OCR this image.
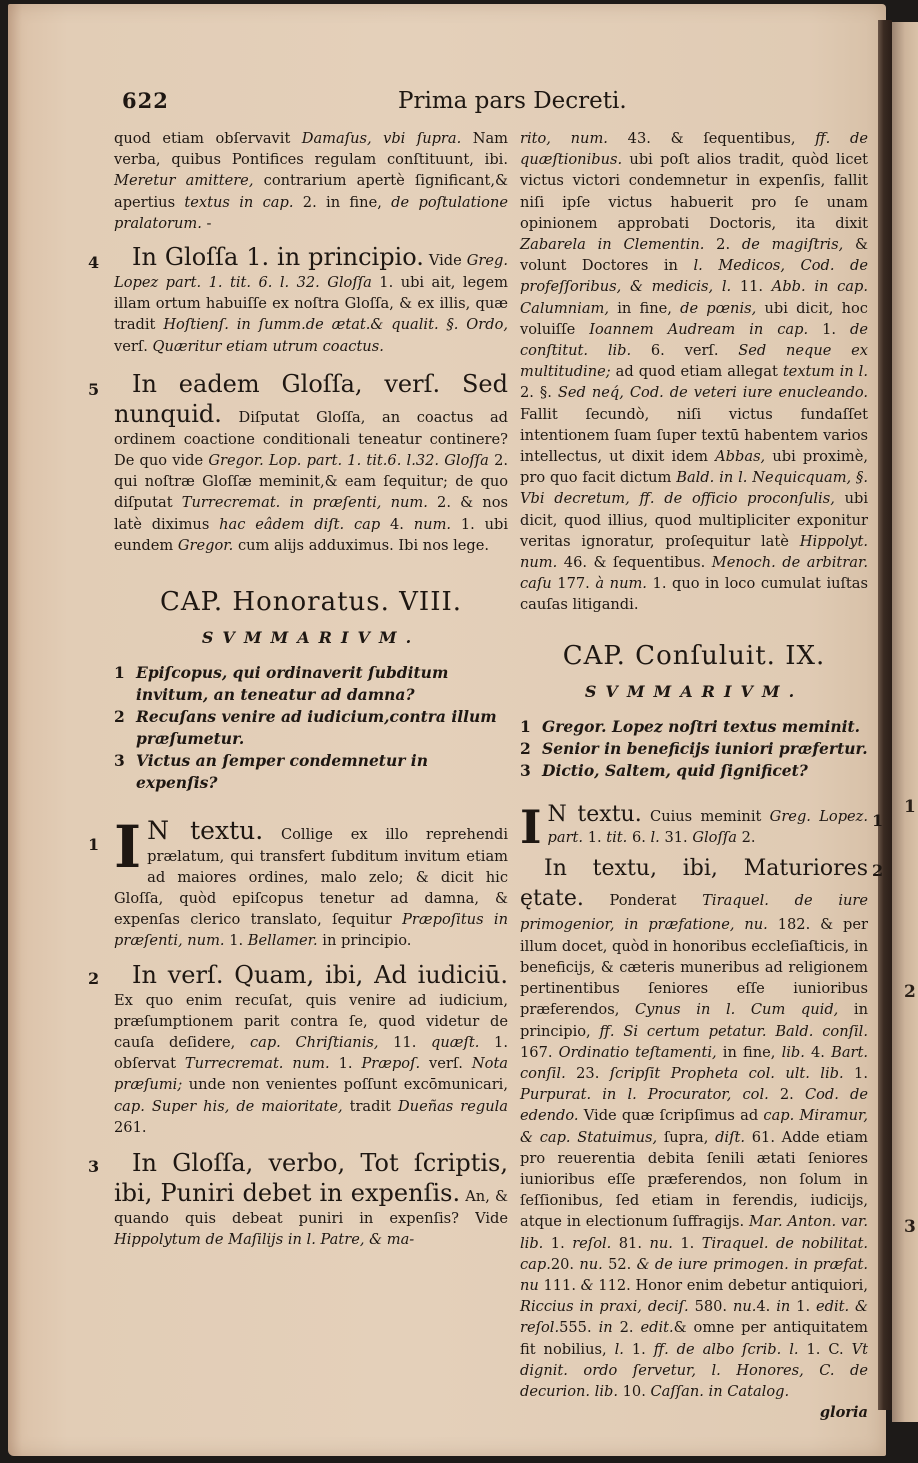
622	Prima pars Decreti.
1
2
3

quod etiam obſervavit Damaſus, vbi ſupra. Nam verba, quibus Pontifices regulam conſtituunt, ibi. Meretur amittere, contrarium apertè ſignificant,& apertius textus in cap. 2. in fine, de poſtulatione pralatorum. -

4	In Gloſſa 1. in principio. Vide Greg. Lopez part. 1. tit. 6. l. 32. Gloſſa 1. ubi ait, legem illam ortum habuiſſe ex noſtra Gloſſa, & ex illis, quæ tradit Hoſtienſ. in ſumm.de ætat.& qualit. §. Ordo, verſ. Quæritur etiam utrum coactus.

5	In eadem Gloſſa, verſ. Sed nunquid. Diſputat Gloſſa, an coactus ad ordinem coactione conditionali teneatur continere? De quo vide Gregor. Lop. part. 1. tit.6. l.32. Gloſſa 2. qui noſtræ Gloſſæ meminit,& eam ſequitur; de quo diſputat Turrecremat. in præſenti, num. 2. & nos latè diximus hac eâdem diſt. cap 4. num. 1. ubi eundem Gregor. cum alijs adduximus. Ibi nos lege.

CAP. Honoratus. VIII.
SVMMARIVM.
1 Epiſcopus, qui ordinaverit ſubditum invitum, an teneatur ad damna?
2 Recuſans venire ad iudicium,contra illum præſumetur.
3 Victus an ſemper condemnetur in expenſis?
1 I N textu. Collige ex illo reprehendi prælatum, qui transfert ſubditum invitum etiam ad maiores ordines, malo zelo; & dicit hic Gloſſa, quòd epiſcopus tenetur ad damna, & expenſas clerico translato, ſequitur Præpoſitus in præſenti, num. 1. Bellamer. in principio.

2	In verſ. Quam, ibi, Ad iudiciū. Ex quo enim recuſat, quis venire ad iudicium, præſumptionem parit contra ſe, quod videtur de cauſa deſidere, cap. Chriſtianis, 11. quæſt. 1. obſervat Turrecremat. num. 1. Præpoſ. verſ. Nota præſumi; unde non venientes poſſunt excōmunicari, cap. Super his, de maioritate, tradit Dueñas regula 261.

3	In Gloſſa, verbo, Tot ſcriptis, ibi, Puniri debet in expenſis. An, & quando quis debeat puniri in expenſis? Vide Hippolytum de Maſilijs in l. Patre, & ma-

rito, num. 43. & ſequentibus, ff. de quæſtionibus. ubi poſt alios tradit, quòd licet victus victori condemnetur in expenſis, fallit niſi ipſe victus habuerit pro ſe unam opinionem approbati Doctoris, ita dixit Zabarela in Clementin. 2. de magiſtris, & volunt Doctores in l. Medicos, Cod. de profeſſoribus, & medicis, l. 11. Abb. in cap. Calumniam, in fine, de pœnis, ubi dicit, hoc voluiſſe Ioannem Audream in cap. 1. de conſtitut. lib. 6. verſ. Sed neque ex multitudine; ad quod etiam allegat textum in l. 2. §. Sed neq́, Cod. de veteri iure enucleando. Fallit ſecundò, niſi victus fundaſſet intentionem ſuam ſuper textū habentem varios intellectus, ut dixit idem Abbas, ubi proximè, pro quo facit dictum Bald. in l. Nequicquam, §. Vbi decretum, ff. de officio proconſulis, ubi dicit, quod illius, quod multipliciter exponitur veritas ignoratur, proſequitur latè Hippolyt. num. 46. & ſequentibus. Menoch. de arbitrar. caſu 177. à num. 1. quo in loco cumulat iuſtas cauſas litigandi.

CAP. Conſuluit. IX.
SVMMARIVM.
1 Gregor. Lopez noſtri textus meminit.
2 Senior in beneficijs iuniori præfertur.
3 Dictio, Saltem, quid ſignificet?
1

I N textu. Cuius meminit Greg. Lopez. part. 1. tit. 6. l. 31. Gloſſa 2.

2

In textu, ibi, Maturiores ętate. Ponderat Tiraquel. de iure primogenior, in præfatione, nu. 182. & per illum docet, quòd in honoribus eccleſiaſticis, in beneficijs, & cæteris muneribus ad religionem pertinentibus ſeniores eſſe iunioribus præferendos, Cynus in l. Cum quid, in principio, ff. Si certum petatur. Bald. conſil. 167. Ordinatio teſtamenti, in fine, lib. 4. Bart. conſil. 23. ſcripſit Propheta col. ult. lib. 1. Purpurat. in l. Procurator, col. 2. Cod. de edendo. Vide quæ ſcripſimus ad cap. Miramur, & cap. Statuimus, ſupra, diſt. 61. Adde etiam pro reuerentia debita ſenili ætati ſeniores iunioribus eſſe præferendos, non ſolum in ſeſſionibus, ſed etiam in ferendis, iudicijs, atque in electionum ſuffragijs. Mar. Anton. var. lib. 1. reſol. 81. nu. 1. Tiraquel. de nobilitat. cap.20. nu. 52. & de iure primogen. in præfat. nu 111. & 112. Honor enim debetur antiquiori, Riccius in praxi, deciſ. 580. nu.4. in 1. edit. & reſol.555. in 2. edit.& omne per antiquitatem fit nobilius, l. 1. ff. de albo ſcrib. l. 1. C. Vt dignit. ordo ſervetur, l. Honores, C. de decurion. lib. 10. Caſſan. in Catalog.

gloria
